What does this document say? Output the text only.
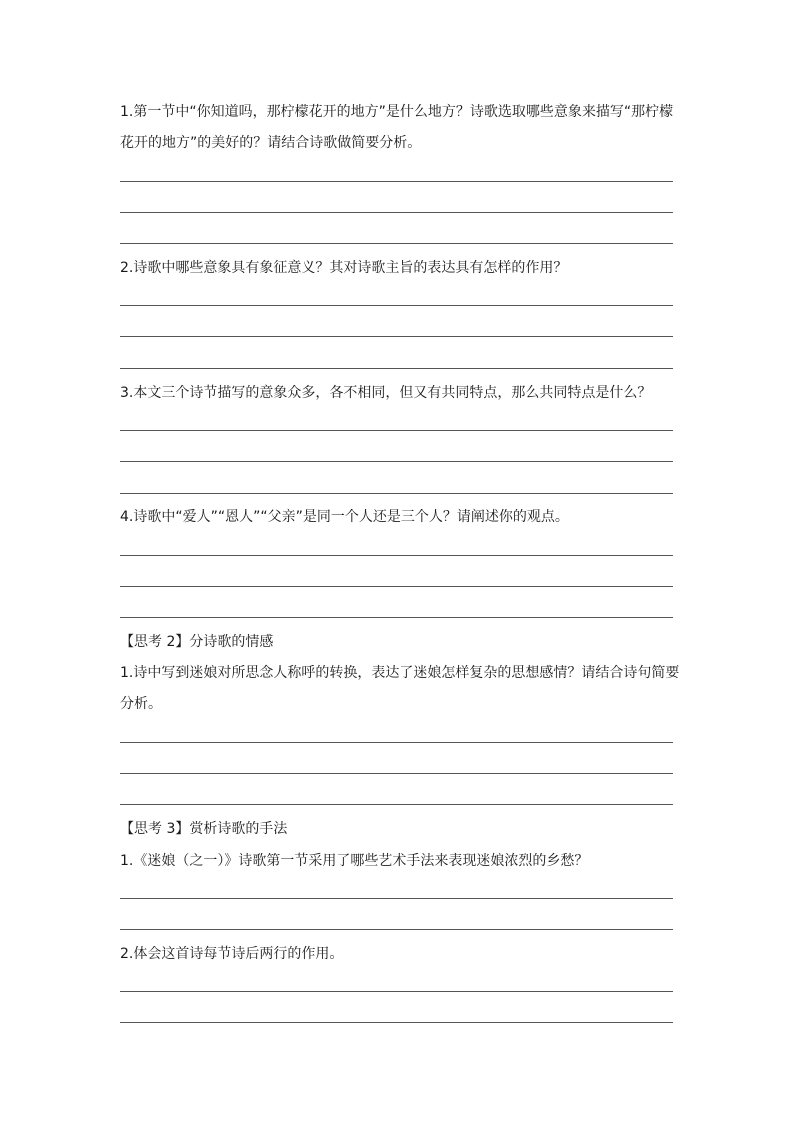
1.第一节中“你知道吗，那柠檬花开的地方”是什么地方？诗歌选取哪些意象来描写“那柠檬花开的地方”的美好的？请结合诗歌做简要分析。
2.诗歌中哪些意象具有象征意义？其对诗歌主旨的表达具有怎样的作用？
3.本文三个诗节描写的意象众多，各不相同，但又有共同特点，那么共同特点是什么？
4.诗歌中“爱人”“恩人”“父亲”是同一个人还是三个人？请阐述你的观点。
【思考 2】分诗歌的情感
1.诗中写到迷娘对所思念人称呼的转换，表达了迷娘怎样复杂的思想感情？请结合诗句简要分析。
【思考 3】赏析诗歌的手法
1.《迷娘（之一）》诗歌第一节采用了哪些艺术手法来表现迷娘浓烈的乡愁？
2.体会这首诗每节诗后两行的作用。
